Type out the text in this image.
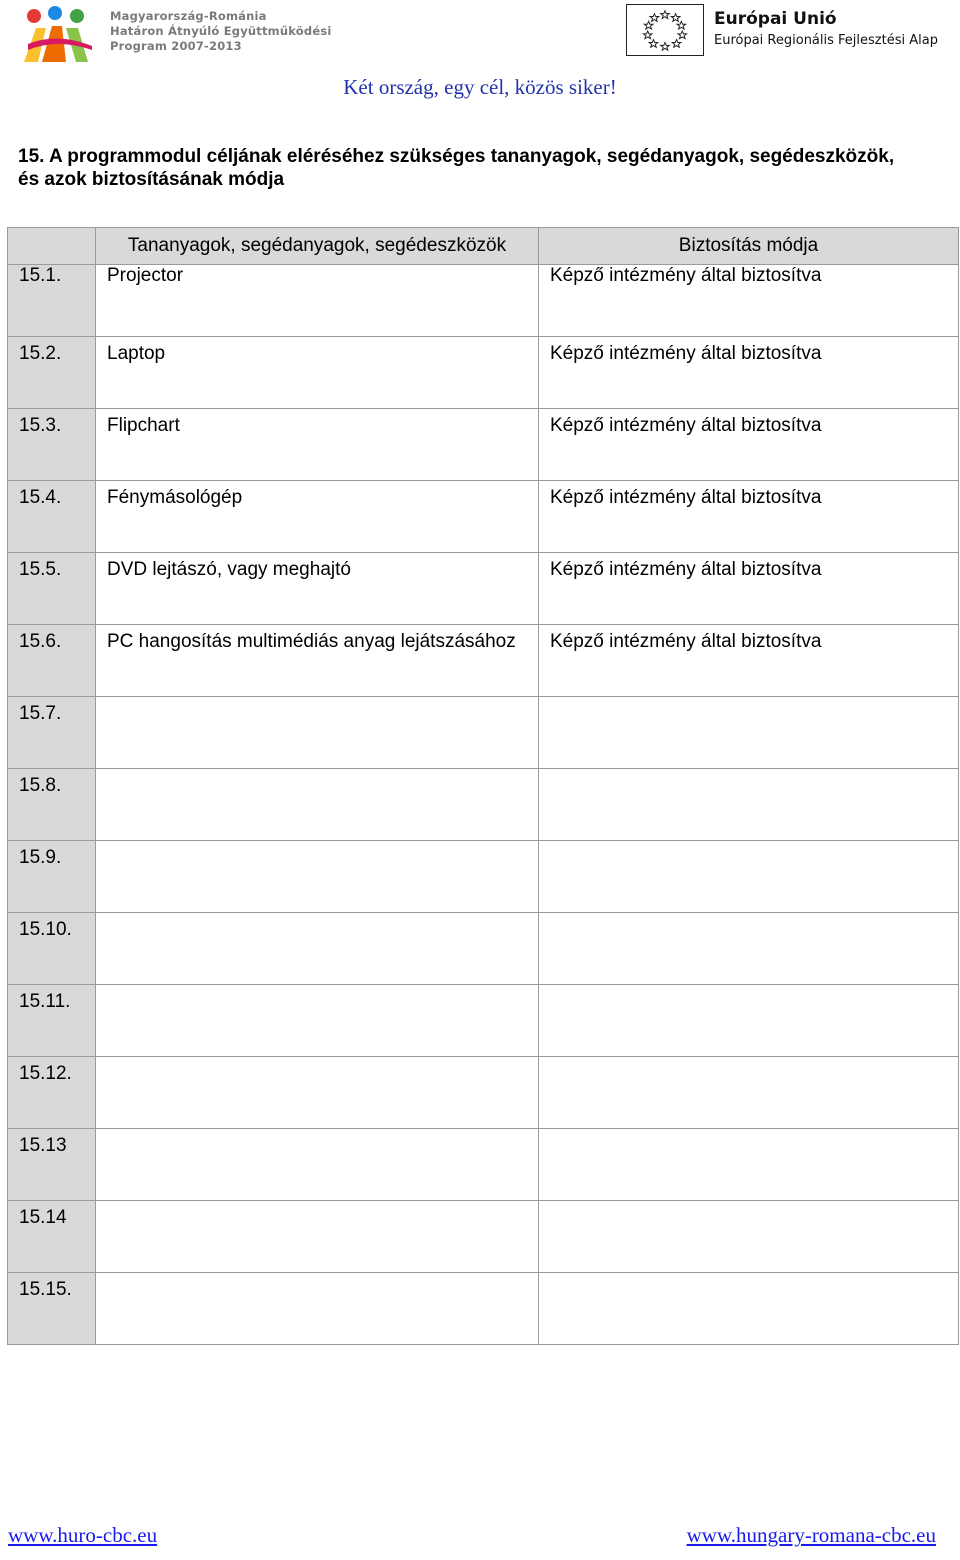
Magyarország-Románia
Határon Átnyúló Együttműködési
Program 2007-2013
Európai Unió
Európai Regionális Fejlesztési Alap
Két ország, egy cél, közös siker!
15. A programmodul céljának eléréséhez szükséges tananyagok, segédanyagok, segédeszközök, és azok biztosításának módja
	Tananyagok, segédanyagok, segédeszközök	Biztosítás módja
15.1.	Projector	Képző intézmény által biztosítva
15.2.	Laptop	Képző intézmény által biztosítva
15.3.	Flipchart	Képző intézmény által biztosítva
15.4.	Fénymásológép	Képző intézmény által biztosítva
15.5.	DVD lejtászó, vagy meghajtó	Képző intézmény által biztosítva
15.6.	PC hangosítás multimédiás anyag lejátszásához	Képző intézmény által biztosítva
15.7.		
15.8.		
15.9.		
15.10.		
15.11.		
15.12.		
15.13		
15.14		
15.15.		
www.huro-cbc.eu	www.hungary-romana-cbc.eu
